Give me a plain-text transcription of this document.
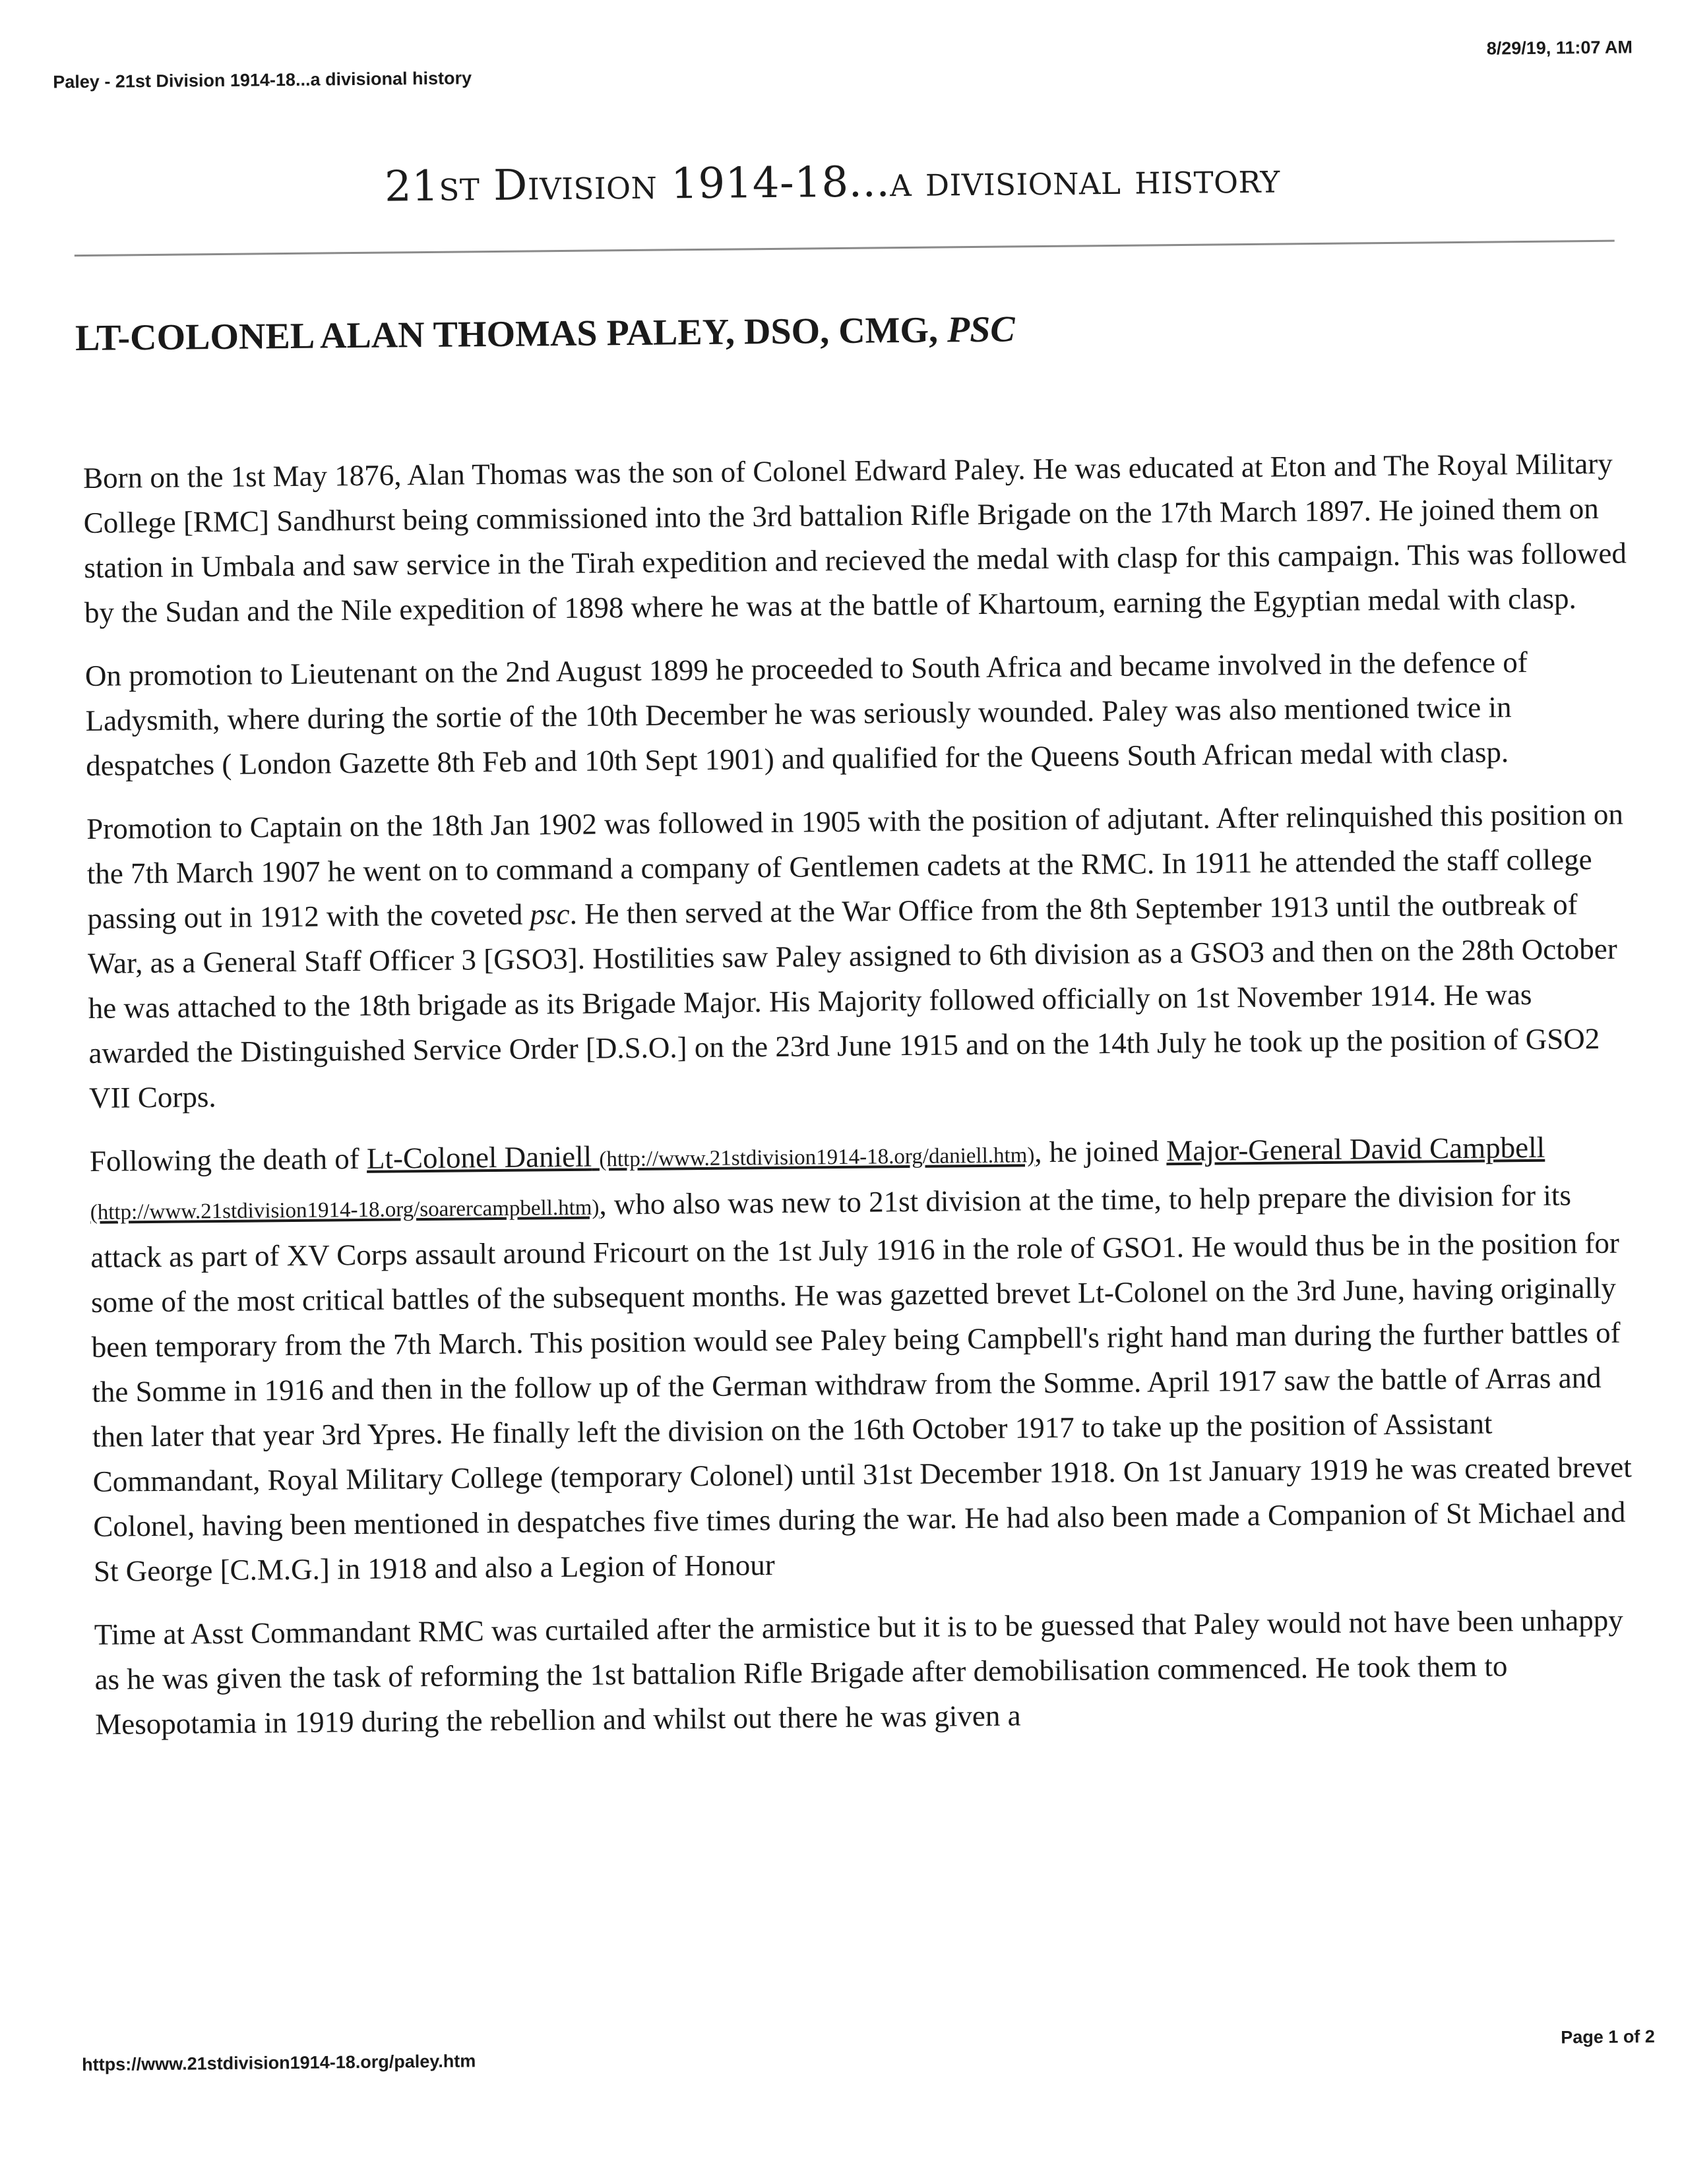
Paley - 21st Division 1914-18...a divisional history
8/29/19, 11:07 AM
21st Division 1914-18...a divisional history
LT-COLONEL ALAN THOMAS PALEY, DSO, CMG, PSC

Born on the 1st May 1876, Alan Thomas was the son of Colonel Edward Paley. He was educated at Eton and The Royal Military College [RMC] Sandhurst being commissioned into the 3rd battalion Rifle Brigade on the 17th March 1897. He joined them on station in Umbala and saw service in the Tirah expedition and recieved the medal with clasp for this campaign. This was followed by the Sudan and the Nile expedition of 1898 where he was at the battle of Khartoum, earning the Egyptian medal with clasp.

On promotion to Lieutenant on the 2nd August 1899 he proceeded to South Africa and became involved in the defence of Ladysmith, where during the sortie of the 10th December he was seriously wounded. Paley was also mentioned twice in despatches ( London Gazette 8th Feb and 10th Sept 1901) and qualified for the Queens South African medal with clasp.

Promotion to Captain on the 18th Jan 1902 was followed in 1905 with the position of adjutant. After relinquished this position on the 7th March 1907 he went on to command a company of Gentlemen cadets at the RMC. In 1911 he attended the staff college passing out in 1912 with the coveted psc. He then served at the War Office from the 8th September 1913 until the outbreak of War, as a General Staff Officer 3 [GSO3]. Hostilities saw Paley assigned to 6th division as a GSO3 and then on the 28th October he was attached to the 18th brigade as its Brigade Major. His Majority followed officially on 1st November 1914. He was awarded the Distinguished Service Order [D.S.O.] on the 23rd June 1915 and on the 14th July he took up the position of GSO2 VII Corps.

Following the death of Lt-Colonel Daniell (http://www.21stdivision1914-18.org/daniell.htm), he joined Major-General David Campbell (http://www.21stdivision1914-18.org/soarercampbell.htm), who also was new to 21st division at the time, to help prepare the division for its attack as part of XV Corps assault around Fricourt on the 1st July 1916 in the role of GSO1. He would thus be in the position for some of the most critical battles of the subsequent months. He was gazetted brevet Lt-Colonel on the 3rd June, having originally been temporary from the 7th March. This position would see Paley being Campbell's right hand man during the further battles of the Somme in 1916 and then in the follow up of the German withdraw from the Somme. April 1917 saw the battle of Arras and then later that year 3rd Ypres. He finally left the division on the 16th October 1917 to take up the position of Assistant Commandant, Royal Military College (temporary Colonel) until 31st December 1918. On 1st January 1919 he was created brevet Colonel, having been mentioned in despatches five times during the war. He had also been made a Companion of St Michael and St George [C.M.G.] in 1918 and also a Legion of Honour

Time at Asst Commandant RMC was curtailed after the armistice but it is to be guessed that Paley would not have been unhappy as he was given the task of reforming the 1st battalion Rifle Brigade after demobilisation commenced. He took them to Mesopotamia in 1919 during the rebellion and whilst out there he was given a

https://www.21stdivision1914-18.org/paley.htm
Page 1 of 2
